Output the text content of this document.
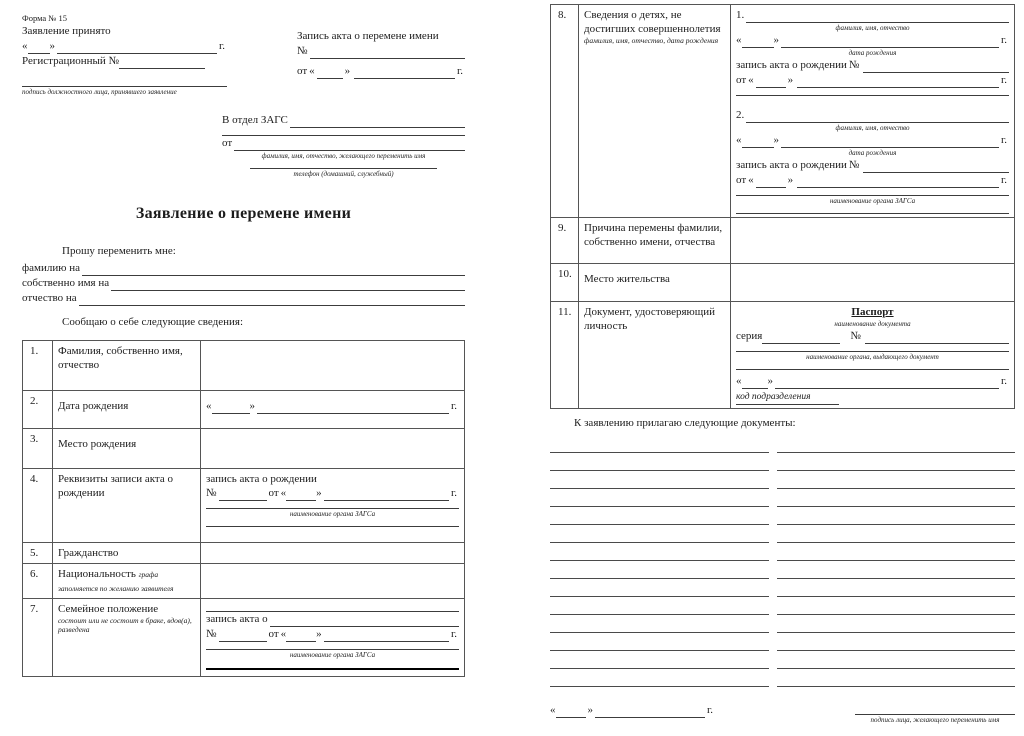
Форма № 15
Заявление принято
« »	г.
Регистрационный №
подпись должностного лица, принявшего заявление
Запись акта о перемене имени
№
от «	»	г.
В отдел ЗАГС
от
фамилия, имя, отчество, желающего переменить имя
телефон (домашний, служебный)
Заявление о перемене имени
Прошу переменить мне:
фамилию на
собственно имя на
отчество на
Сообщаю о себе следующие сведения:
1.	Фамилия, собственно имя, отчество	
2.	Дата рождения	« » г.

3.	Место рождения	
4.	Реквизиты записи акта о рождении	
запись акта о рождении
№	от «	»	г.
наименование органа ЗАГСа

5.	Гражданство	
6.	Национальность графа заполняется по желанию заявителя	
7.	Семейное положение
состоит или не состоит в браке, вдов(а), разведена

запись акта о
№	от «	»	г.
наименование органа ЗАГСа
8.	Сведения о детях, не достигших совершеннолетия
фамилия, имя, отчество, дата рождения

1.
фамилия, имя, отчество
«	»	г.
дата рождения
запись акта о рождении №
от «	»	г.
2.
фамилия, имя, отчество
«	»	г.
дата рождения
запись акта о рождении №
от «	»	г.
наименование органа ЗАГСа

9.	Причина перемены фамилии, собственно имени, отчества	
10.	Место жительства	
11.	Документ, удостоверяющий личность	
Паспорт
наименование документа
серия	№
наименование органа, выдающего документ
« »	г.
код подразделения
К заявлению прилагаю следующие документы:
«	»	г.
подпись лица, желающего переменить имя
